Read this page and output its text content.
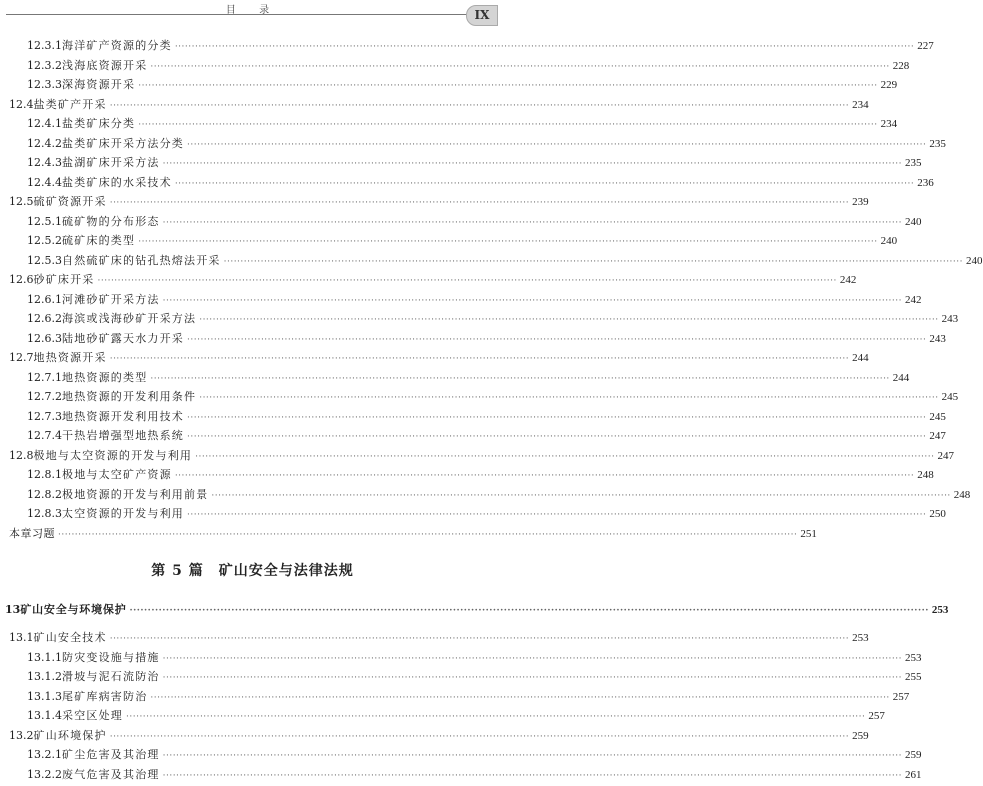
目 录	IX
12.3.1 海洋矿产资源的分类 ···························································································································································································································· 227
12.3.2 浅海底资源开采 ···························································································································································································································· 228
12.3.3 深海资源开采 ···························································································································································································································· 229
12.4 盐类矿产开采 ···························································································································································································································· 234
12.4.1 盐类矿床分类 ···························································································································································································································· 234
12.4.2 盐类矿床开采方法分类 ···························································································································································································································· 235
12.4.3 盐湖矿床开采方法 ···························································································································································································································· 235
12.4.4 盐类矿床的水采技术 ···························································································································································································································· 236
12.5 硫矿资源开采 ···························································································································································································································· 239
12.5.1 硫矿物的分布形态 ···························································································································································································································· 240
12.5.2 硫矿床的类型 ···························································································································································································································· 240
12.5.3 自然硫矿床的钻孔热熔法开采 ···························································································································································································································· 240
12.6 砂矿床开采 ···························································································································································································································· 242
12.6.1 河滩砂矿开采方法 ···························································································································································································································· 242
12.6.2 海滨或浅海砂矿开采方法 ···························································································································································································································· 243
12.6.3 陆地砂矿露天水力开采 ···························································································································································································································· 243
12.7 地热资源开采 ···························································································································································································································· 244
12.7.1 地热资源的类型 ···························································································································································································································· 244
12.7.2 地热资源的开发利用条件 ···························································································································································································································· 245
12.7.3 地热资源开发利用技术 ···························································································································································································································· 245
12.7.4 干热岩增强型地热系统 ···························································································································································································································· 247
12.8 极地与太空资源的开发与利用 ···························································································································································································································· 247
12.8.1 极地与太空矿产资源 ···························································································································································································································· 248
12.8.2 极地资源的开发与利用前景 ···························································································································································································································· 248
12.8.3 太空资源的开发与利用 ···························································································································································································································· 250
本章习题 ···························································································································································································································· 251
第 5 篇　矿山安全与法律法规
13 矿山安全与环境保护 ···························································································································································································································· 253
13.1 矿山安全技术 ···························································································································································································································· 253
13.1.1 防灾变设施与措施 ···························································································································································································································· 253
13.1.2 滑坡与泥石流防治 ···························································································································································································································· 255
13.1.3 尾矿库病害防治 ···························································································································································································································· 257
13.1.4 采空区处理 ···························································································································································································································· 257
13.2 矿山环境保护 ···························································································································································································································· 259
13.2.1 矿尘危害及其治理 ···························································································································································································································· 259
13.2.2 废气危害及其治理 ···························································································································································································································· 261
